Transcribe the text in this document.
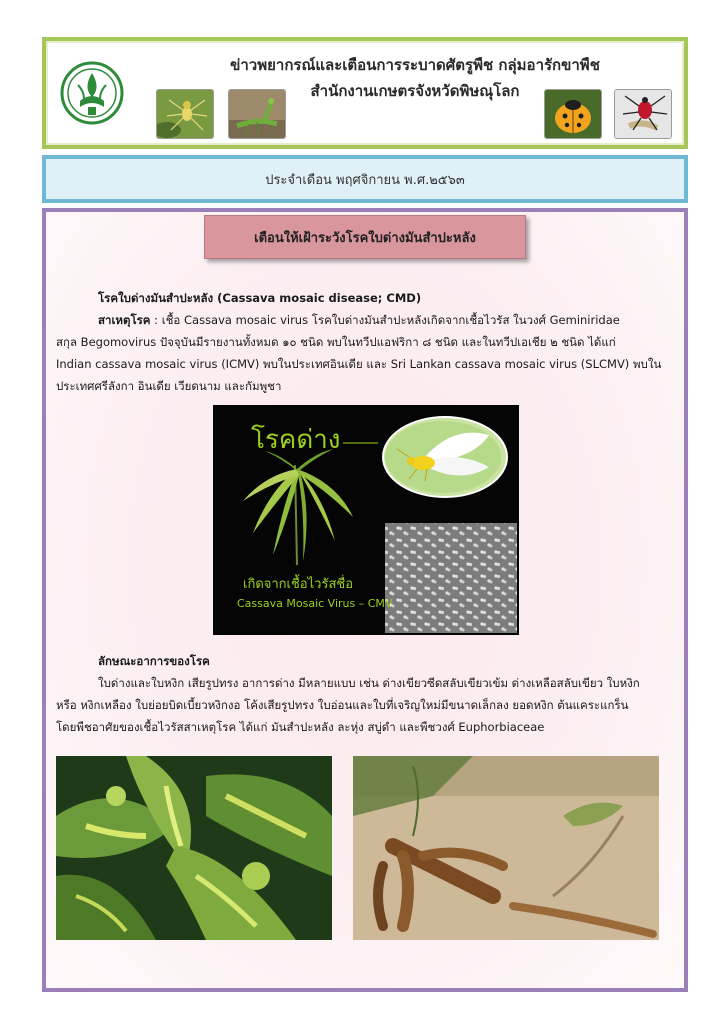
ข่าวพยากรณ์และเตือนการระบาดศัตรูพืช กลุ่มอารักขาพืช
สำนักงานเกษตรจังหวัดพิษณุโลก
ประจำเดือน พฤศจิกายน พ.ศ.๒๕๖๓
เตือนให้เฝ้าระวังโรคใบด่างมันสำปะหลัง
โรคใบด่างมันสำปะหลัง (Cassava mosaic disease; CMD)
สาเหตุโรค : เชื้อ Cassava mosaic virus โรคใบด่างมันสำปะหลังเกิดจากเชื้อไวรัส ในวงศ์ Geminiridae
สกุล Begomovirus ปัจจุบันมีรายงานทั้งหมด ๑๐ ชนิด พบในทวีปแอฟริกา ๘ ชนิด และในทวีปเอเชีย ๒ ชนิด ได้แก่
Indian cassava mosaic virus (ICMV) พบในประเทศอินเดีย และ Sri Lankan cassava mosaic virus (SLCMV) พบใน
ประเทศศรีลังกา อินเดีย เวียดนาม และกัมพูชา
โรคด่าง
เกิดจากเชื้อไวรัสชื่อ
Cassava Mosaic Virus – CMV
ลักษณะอาการของโรค
ใบด่างและใบหงิก เสียรูปทรง อาการด่าง มีหลายแบบ เช่น ด่างเขียวซีดสลับเขียวเข้ม ด่างเหลือสลับเขียว ใบหงิก
หรือ หงิกเหลือง ใบย่อยบิดเบี้ยวหงิกงอ โค้งเสียรูปทรง ใบอ่อนและใบที่เจริญใหม่มีขนาดเล็กลง ยอดหงิก ต้นแคระแกร็น
โดยพืชอาศัยของเชื้อไวรัสสาเหตุโรค ได้แก่ มันสำปะหลัง ละหุ่ง สบู่ดำ และพืชวงศ์ Euphorbiaceae
